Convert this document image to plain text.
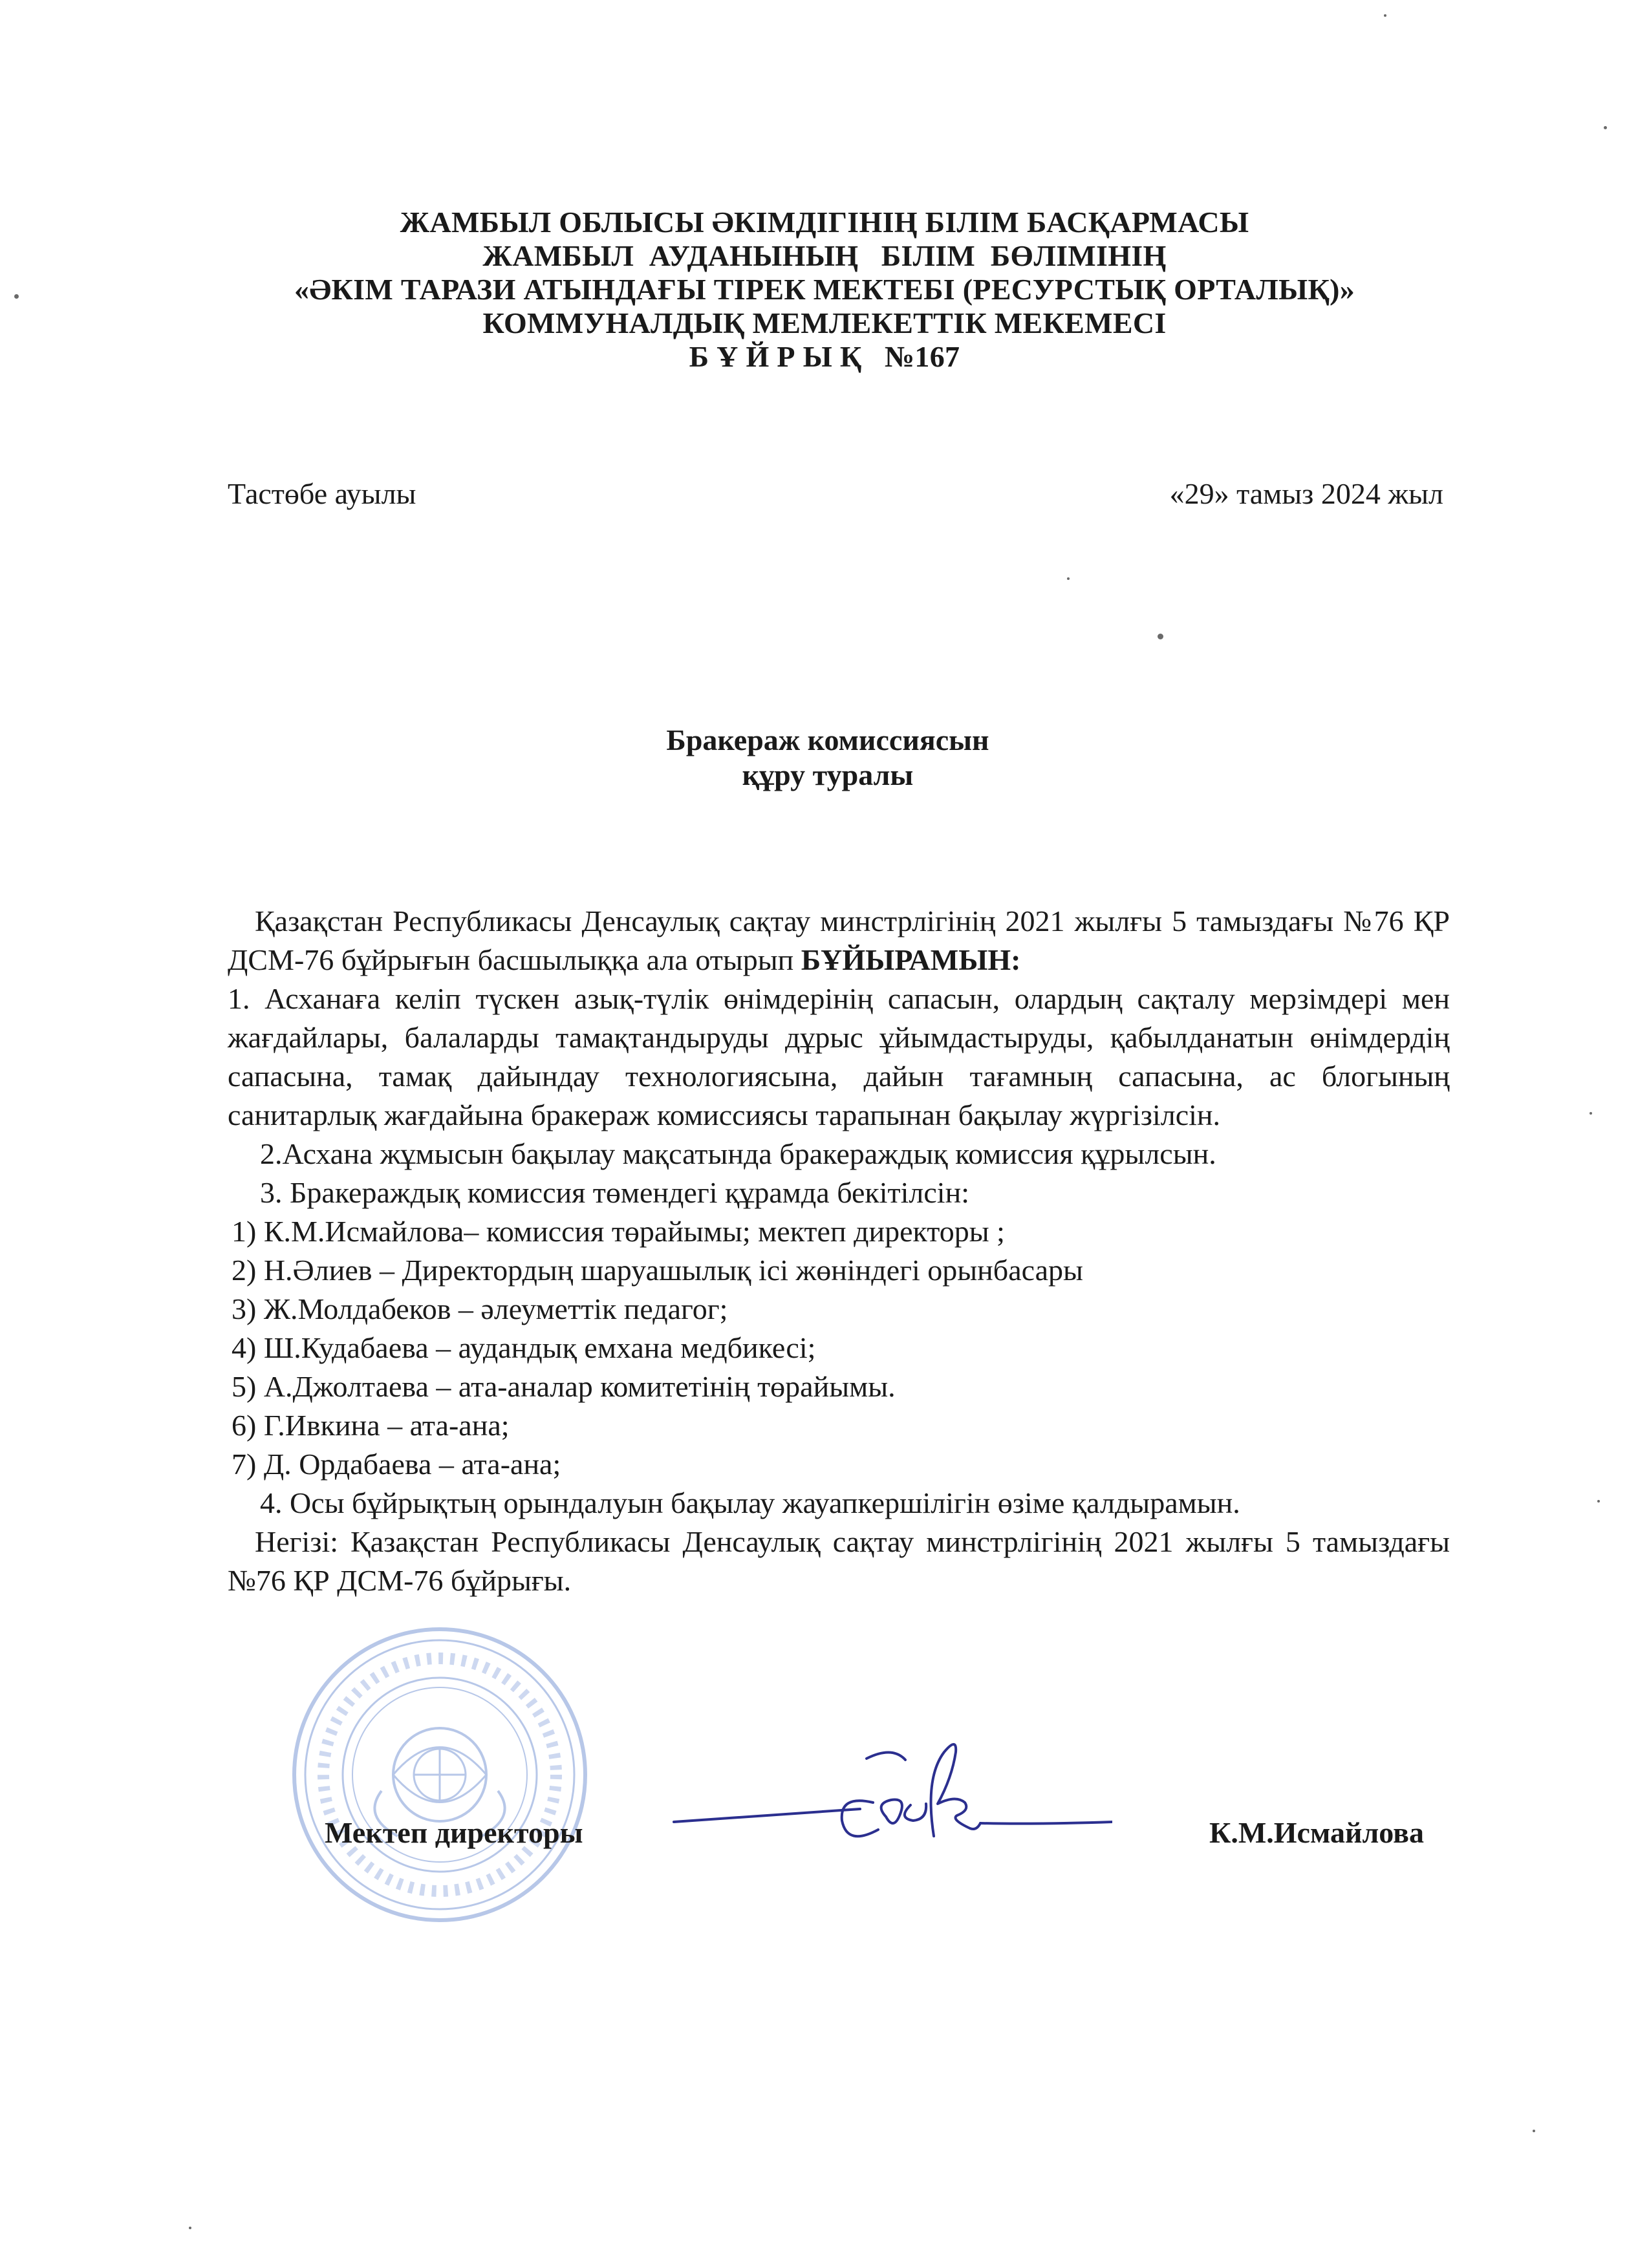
ЖАМБЫЛ ОБЛЫСЫ ӘКІМДІГІНІҢ БІЛІМ БАСҚАРМАСЫ
ЖАМБЫЛ  АУДАНЫНЫҢ   БІЛІМ  БӨЛІМІНІҢ
«ӘКІМ ТАРАЗИ АТЫНДАҒЫ ТІРЕК МЕКТЕБІ (РЕСУРСТЫҚ ОРТАЛЫҚ)»
КОММУНАЛДЫҚ МЕМЛЕКЕТТІК МЕКЕМЕСІ
Б Ұ Й Р Ы Қ   №167
Тастөбе ауылы	«29» тамыз 2024 жыл
Бракераж комиссиясын
құру туралы
Қазақстан Республикасы Денсаулық сақтау минстрлігінің 2021 жылғы 5 тамыздағы №76 ҚР ДСМ-76 бұйрығын басшылыққа ала отырып БҰЙЫРАМЫН:
1. Асханаға келіп түскен азық-түлік өнімдерінің сапасын, олардың сақталу мерзімдері мен жағдайлары, балаларды тамақтандыруды дұрыс ұйымдастыруды, қабылданатын өнімдердің сапасына, тамақ дайындау технологиясына, дайын тағамның сапасына, ас блогының санитарлық жағдайына бракераж комиссиясы тарапынан бақылау жүргізілсін.
2.Асхана жұмысын бақылау мақсатында бракераждық комиссия құрылсын.
3. Бракераждық комиссия төмендегі құрамда бекітілсін:
1) К.М.Исмайлова– комиссия төрайымы; мектеп директоры ;
2) Н.Әлиев – Директордың шаруашылық ісі жөніндегі орынбасары
3) Ж.Молдабеков – әлеуметтік педагог;
4) Ш.Кудабаева – аудандық емхана медбикесі;
5) А.Джолтаева – ата-аналар комитетінің төрайымы.
6) Г.Ивкина – ата-ана;
7) Д. Ордабаева – ата-ана;
4. Осы бұйрықтың орындалуын бақылау жауапкершілігін өзіме қалдырамын.
Негізі: Қазақстан Республикасы Денсаулық сақтау минстрлігінің 2021 жылғы 5 тамыздағы №76 ҚР ДСМ-76 бұйрығы.
Мектеп директоры	К.М.Исмайлова
